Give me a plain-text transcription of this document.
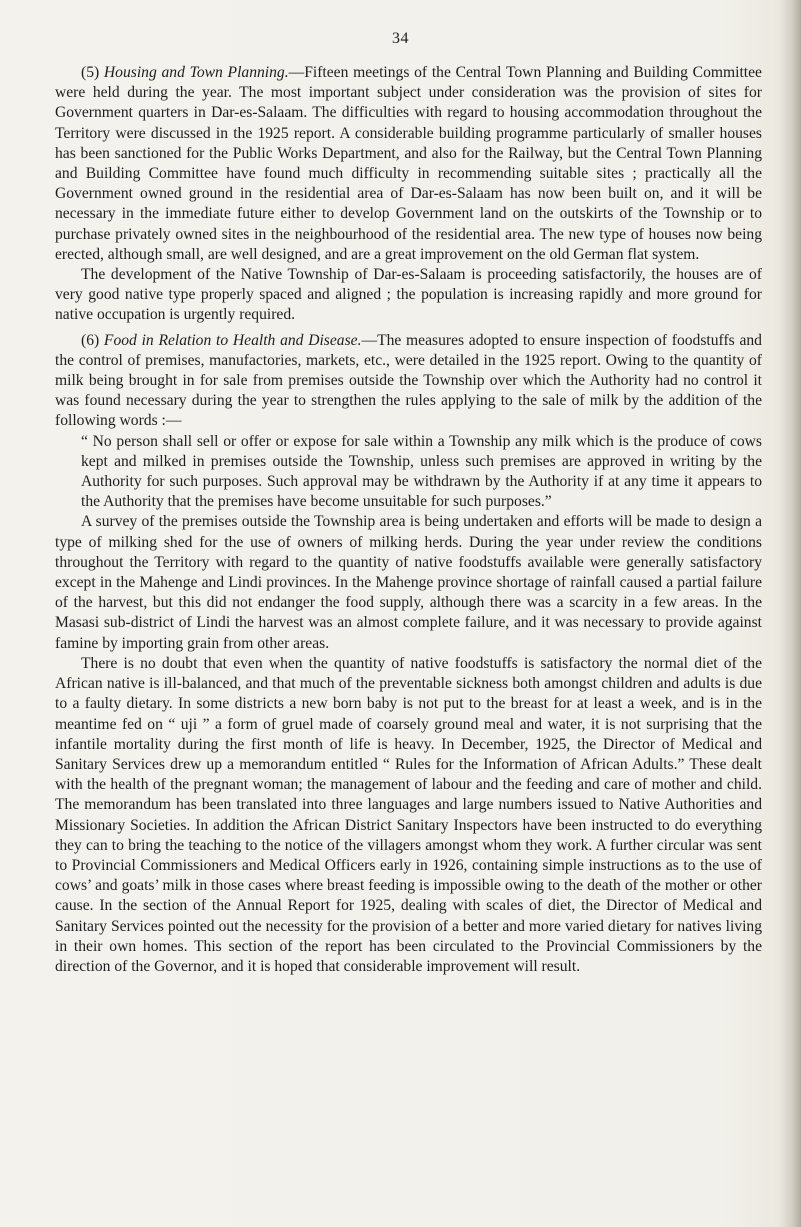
34

(5) Housing and Town Planning.—Fifteen meetings of the Central Town Planning and Building Committee were held during the year. The most important subject under consideration was the provision of sites for Government quarters in Dar-es-Salaam. The difficulties with regard to housing accommodation throughout the Territory were discussed in the 1925 report. A considerable building programme particularly of smaller houses has been sanctioned for the Public Works Department, and also for the Railway, but the Central Town Planning and Building Committee have found much difficulty in recommending suitable sites ; practically all the Government owned ground in the residential area of Dar-es-Salaam has now been built on, and it will be necessary in the immediate future either to develop Government land on the outskirts of the Township or to purchase privately owned sites in the neighbourhood of the residential area. The new type of houses now being erected, although small, are well designed, and are a great improvement on the old German flat system.

The development of the Native Township of Dar-es-Salaam is proceeding satisfactorily, the houses are of very good native type properly spaced and aligned ; the population is increasing rapidly and more ground for native occupation is urgently required.

(6) Food in Relation to Health and Disease.—The measures adopted to ensure inspection of foodstuffs and the control of premises, manufactories, markets, etc., were detailed in the 1925 report. Owing to the quantity of milk being brought in for sale from premises outside the Township over which the Authority had no control it was found necessary during the year to strengthen the rules applying to the sale of milk by the addition of the following words :—

“ No person shall sell or offer or expose for sale within a Township any milk which is the produce of cows kept and milked in premises outside the Township, unless such premises are approved in writing by the Authority for such purposes. Such approval may be withdrawn by the Authority if at any time it appears to the Authority that the premises have become unsuitable for such purposes.”

A survey of the premises outside the Township area is being undertaken and efforts will be made to design a type of milking shed for the use of owners of milking herds. During the year under review the conditions throughout the Territory with regard to the quantity of native foodstuffs available were generally satisfactory except in the Mahenge and Lindi provinces. In the Mahenge province shortage of rainfall caused a partial failure of the harvest, but this did not endanger the food supply, although there was a scarcity in a few areas. In the Masasi sub-district of Lindi the harvest was an almost complete failure, and it was necessary to provide against famine by importing grain from other areas.

There is no doubt that even when the quantity of native foodstuffs is satisfactory the normal diet of the African native is ill-balanced, and that much of the preventable sickness both amongst children and adults is due to a faulty dietary. In some districts a new born baby is not put to the breast for at least a week, and is in the meantime fed on “ uji ” a form of gruel made of coarsely ground meal and water, it is not surprising that the infantile mortality during the first month of life is heavy. In December, 1925, the Director of Medical and Sanitary Services drew up a memorandum entitled “ Rules for the Information of African Adults.” These dealt with the health of the pregnant woman; the management of labour and the feeding and care of mother and child. The memorandum has been translated into three languages and large numbers issued to Native Authorities and Missionary Societies. In addition the African District Sanitary Inspectors have been instructed to do everything they can to bring the teaching to the notice of the villagers amongst whom they work. A further circular was sent to Provincial Commissioners and Medical Officers early in 1926, containing simple instructions as to the use of cows’ and goats’ milk in those cases where breast feeding is impossible owing to the death of the mother or other cause. In the section of the Annual Report for 1925, dealing with scales of diet, the Director of Medical and Sanitary Services pointed out the necessity for the provision of a better and more varied dietary for natives living in their own homes. This section of the report has been circulated to the Provincial Commissioners by the direction of the Governor, and it is hoped that considerable improvement will result.
